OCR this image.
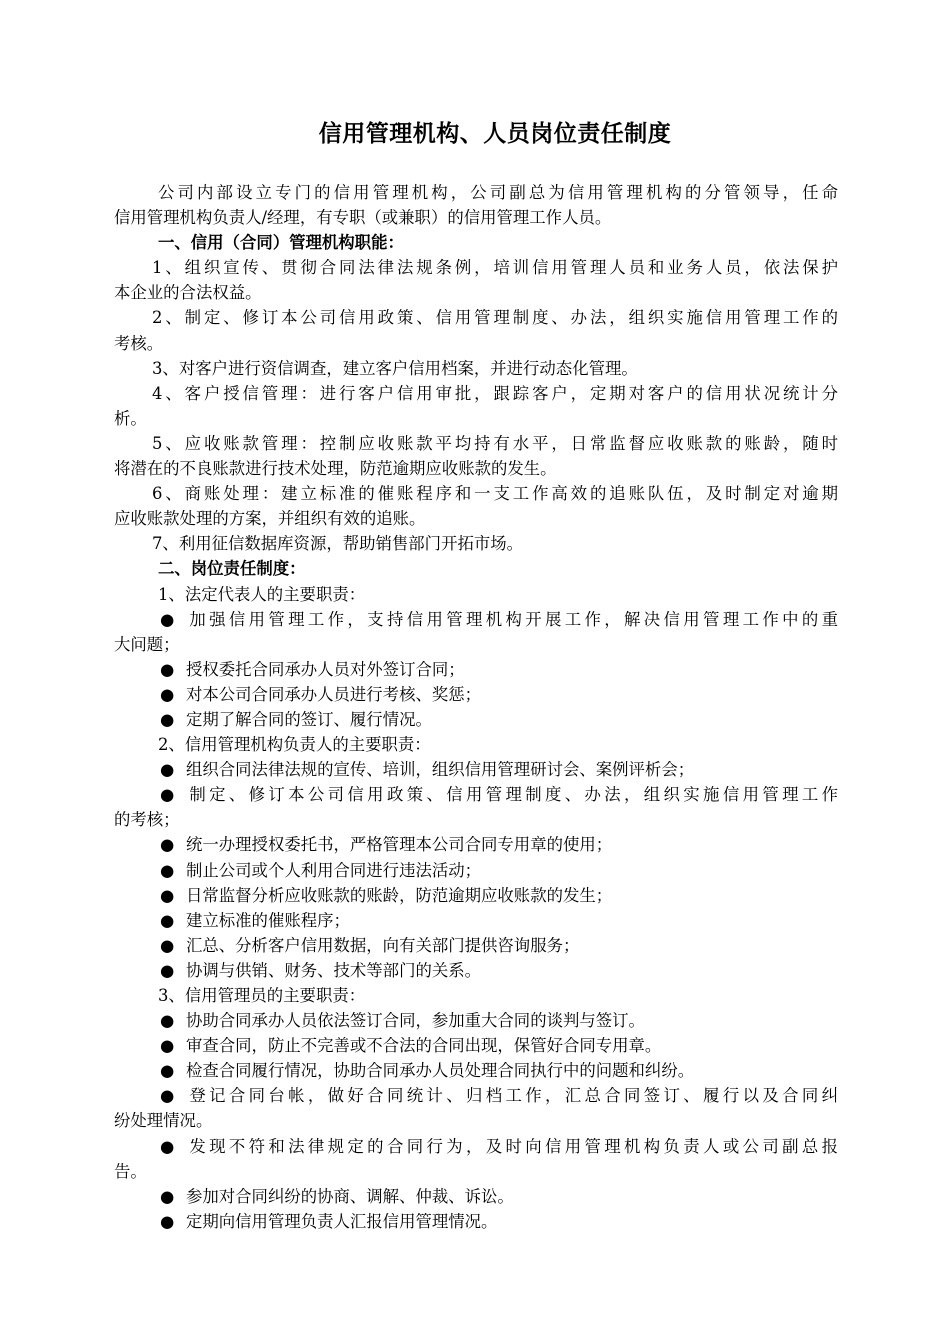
信用管理机构、人员岗位责任制度
公司内部设立专门的信用管理机构，公司副总为信用管理机构的分管领导，任命
信用管理机构负责人/经理，有专职（或兼职）的信用管理工作人员。
一、信用（合同）管理机构职能：
1、组织宣传、贯彻合同法律法规条例，培训信用管理人员和业务人员，依法保护
本企业的合法权益。
2、制定、修订本公司信用政策、信用管理制度、办法，组织实施信用管理工作的
考核。
3、对客户进行资信调查，建立客户信用档案，并进行动态化管理。
4、客户授信管理：进行客户信用审批，跟踪客户，定期对客户的信用状况统计分
析。
5、应收账款管理：控制应收账款平均持有水平，日常监督应收账款的账龄，随时
将潜在的不良账款进行技术处理，防范逾期应收账款的发生。
6、商账处理：建立标准的催账程序和一支工作高效的追账队伍，及时制定对逾期
应收账款处理的方案，并组织有效的追账。
7、利用征信数据库资源，帮助销售部门开拓市场。
二、岗位责任制度：
1、法定代表人的主要职责：
● 加强信用管理工作，支持信用管理机构开展工作，解决信用管理工作中的重
大问题；
● 授权委托合同承办人员对外签订合同；
● 对本公司合同承办人员进行考核、奖惩；
● 定期了解合同的签订、履行情况。
2、信用管理机构负责人的主要职责：
● 组织合同法律法规的宣传、培训，组织信用管理研讨会、案例评析会；
● 制定、修订本公司信用政策、信用管理制度、办法，组织实施信用管理工作
的考核；
● 统一办理授权委托书，严格管理本公司合同专用章的使用；
● 制止公司或个人利用合同进行违法活动；
● 日常监督分析应收账款的账龄，防范逾期应收账款的发生；
● 建立标准的催账程序；
● 汇总、分析客户信用数据，向有关部门提供咨询服务；
● 协调与供销、财务、技术等部门的关系。
3、信用管理员的主要职责：
● 协助合同承办人员依法签订合同，参加重大合同的谈判与签订。
● 审查合同，防止不完善或不合法的合同出现，保管好合同专用章。
● 检查合同履行情况，协助合同承办人员处理合同执行中的问题和纠纷。
● 登记合同台帐，做好合同统计、归档工作，汇总合同签订、履行以及合同纠
纷处理情况。
● 发现不符和法律规定的合同行为，及时向信用管理机构负责人或公司副总报
告。
● 参加对合同纠纷的协商、调解、仲裁、诉讼。
● 定期向信用管理负责人汇报信用管理情况。
